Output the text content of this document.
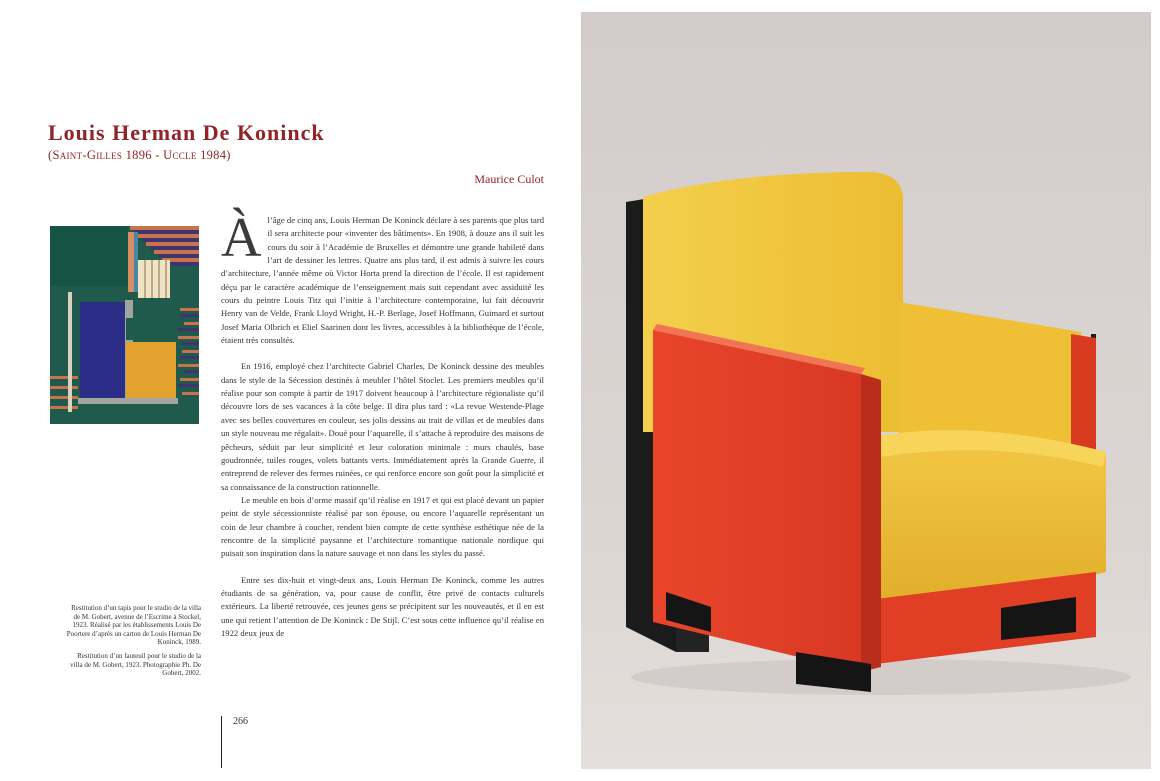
Louis Herman De Koninck
(Saint-Gilles 1896 - Uccle 1984)
Maurice Culot

Restitution d’un tapis pour le studio de la villa de M. Gobert, avenue de l’Escrime à Stockel, 1923. Réalisé par les établissements Louis De Poortere d’après un carton de Louis Herman De Koninck, 1989.

Restitution d’un fauteuil pour le studio de la villa de M. Gobert, 1923. Photographie Ph. De Gobert, 2002.

À l’âge de cinq ans, Louis Herman De Koninck déclare à ses parents que plus tard il sera architecte pour «inventer des bâtiments». En 1908, à douze ans il suit les cours du soir à l’Académie de Bruxelles et démontre une grande habileté dans l’art de dessiner les lettres. Quatre ans plus tard, il est admis à suivre les cours d’architecture, l’année même où Victor Horta prend la direction de l’école. Il est rapidement déçu par le caractère académique de l’enseignement mais suit cependant avec assiduité les cours du peintre Louis Titz qui l’initie à l’architecture contemporaine, lui fait découvrir Henry van de Velde, Frank Lloyd Wright, H.-P. Berlage, Josef Hoffmann, Guimard et surtout Josef Maria Olbrich et Eliel Saarinen dont les livres, accessibles à la bibliothèque de l’école, étaient très consultés.

En 1916, employé chez l’architecte Gabriel Charles, De Koninck dessine des meubles dans le style de la Sécession destinés à meubler l’hôtel Stoclet. Les premiers meubles qu’il réalise pour son compte à partir de 1917 doivent beaucoup à l’architecture régionaliste qu’il découvre lors de ses vacances à la côte belge. Il dira plus tard : «La revue Westende-Plage avec ses belles couvertures en couleur, ses jolis dessins au trait de villas et de meubles dans un style nouveau me régalait». Doué pour l’aquarelle, il s’attache à reproduire des maisons de pêcheurs, séduit par leur simplicité et leur coloration minimale : murs chaulés, base goudronnée, tuiles rouges, volets battants verts. Immédiatement après la Grande Guerre, il entreprend de relever des fermes ruinées, ce qui renforce encore son goût pour la simplicité et sa connaissance de la construction rationnelle.

Le meuble en bois d’orme massif qu’il réalise en 1917 et qui est placé devant un papier peint de style sécessionniste réalisé par son épouse, ou encore l’aquarelle représentant un coin de leur chambre à coucher, rendent bien compte de cette synthèse esthétique née de la rencontre de la simplicité paysanne et l’architecture romantique nationale nordique qui puisait son inspiration dans la nature sauvage et non dans les styles du passé.

Entre ses dix-huit et vingt-deux ans, Louis Herman De Koninck, comme les autres étudiants de sa génération, va, pour cause de conflit, être privé de contacts culturels extérieurs. La liberté retrouvée, ces jeunes gens se précipitent sur les nouveautés, et il en est une qui retient l’attention de De Koninck : De Stijl. C’est sous cette influence qu’il réalise en 1922 deux jeux de

266
